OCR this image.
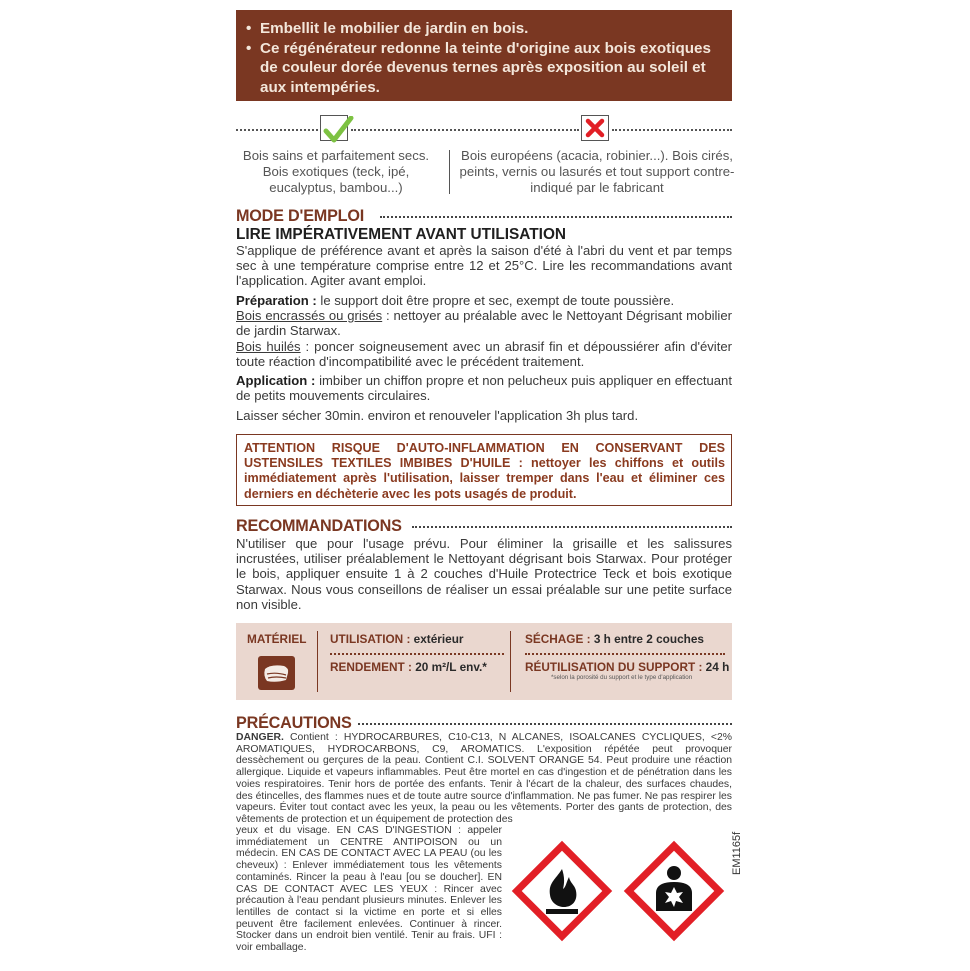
• Embellit le mobilier de jardin en bois.
• Ce régénérateur redonne la teinte d'origine aux bois exotiques de couleur dorée devenus ternes après exposition au soleil et aux intempéries.
Bois sains et parfaitement secs. Bois exotiques (teck, ipé, eucalyptus, bambou...)
Bois européens (acacia, robinier...). Bois cirés, peints, vernis ou lasurés et tout support contre-indiqué par le fabricant
MODE D'EMPLOI
LIRE IMPÉRATIVEMENT AVANT UTILISATION
S'applique de préférence avant et après la saison d'été à l'abri du vent et par temps sec à une température comprise entre 12 et 25°C. Lire les recommandations avant l'application. Agiter avant emploi.
Préparation : le support doit être propre et sec, exempt de toute poussière.
Bois encrassés ou grisés : nettoyer au préalable avec le Nettoyant Dégrisant mobilier de jardin Starwax.
Bois huilés : poncer soigneusement avec un abrasif fin et dépoussiérer afin d'éviter toute réaction d'incompatibilité avec le précédent traitement.
Application : imbiber un chiffon propre et non pelucheux puis appliquer en effectuant de petits mouvements circulaires.
Laisser sécher 30min. environ et renouveler l'application 3h plus tard.
ATTENTION RISQUE D'AUTO-INFLAMMATION EN CONSERVANT DES USTENSILES TEXTILES IMBIBES D'HUILE : nettoyer les chiffons et outils immédiatement après l'utilisation, laisser tremper dans l'eau et éliminer ces derniers en déchèterie avec les pots usagés de produit.
RECOMMANDATIONS
N'utiliser que pour l'usage prévu. Pour éliminer la grisaille et les salissures incrustées, utiliser préalablement le Nettoyant dégrisant bois Starwax. Pour protéger le bois, appliquer ensuite 1 à 2 couches d'Huile Protectrice Teck et bois exotique Starwax. Nous vous conseillons de réaliser un essai préalable sur une petite surface non visible.
MATÉRIEL UTILISATION : extérieur
RENDEMENT : 20 m²/L env.*
SÉCHAGE : 3 h entre 2 couches
RÉUTILISATION DU SUPPORT : 24 h
*selon la porosité du support et le type d'application
PRÉCAUTIONS
DANGER. Contient : HYDROCARBURES, C10-C13, N ALCANES, ISOALCANES CYCLIQUES, <2% AROMATIQUES, HYDROCARBONS, C9, AROMATICS. L'exposition répétée peut provoquer dessèchement ou gerçures de la peau. Contient C.I. SOLVENT ORANGE 54. Peut produire une réaction allergique. Liquide et vapeurs inflammables. Peut être mortel en cas d'ingestion et de pénétration dans les voies respiratoires. Tenir hors de portée des enfants. Tenir à l'écart de la chaleur, des surfaces chaudes, des étincelles, des flammes nues et de toute autre source d'inflammation. Ne pas fumer. Ne pas respirer les vapeurs. Éviter tout contact avec les yeux, la peau ou les vêtements. Porter des gants de protection, des vêtements de protection et un équipement de protection des
yeux et du visage. EN CAS D'INGESTION : appeler immédiatement un CENTRE ANTIPOISON ou un médecin. EN CAS DE CONTACT AVEC LA PEAU (ou les cheveux) : Enlever immédiatement tous les vêtements contaminés. Rincer la peau à l'eau [ou se doucher]. EN CAS DE CONTACT AVEC LES YEUX : Rincer avec précaution à l'eau pendant plusieurs minutes. Enlever les lentilles de contact si la victime en porte et si elles peuvent être facilement enlevées. Continuer à rincer. Stocker dans un endroit bien ventilé. Tenir au frais. UFI : voir emballage.
EM1165f
